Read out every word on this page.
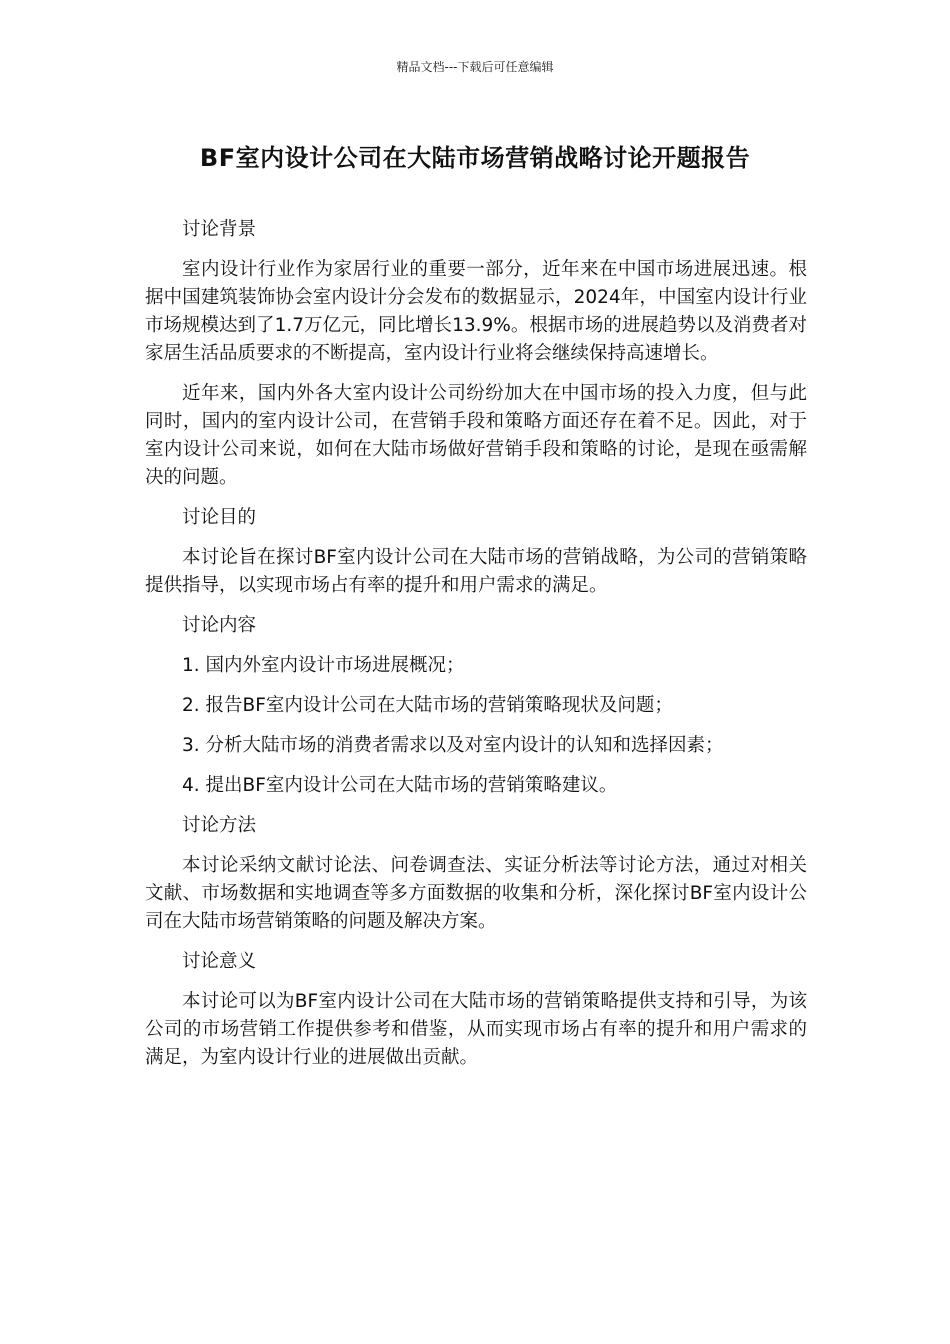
精品文档---下载后可任意编辑
BF室内设计公司在大陆市场营销战略讨论开题报告

讨论背景

室内设计行业作为家居行业的重要一部分，近年来在中国市场进展迅速。根据中国建筑装饰协会室内设计分会发布的数据显示，2024年，中国室内设计行业市场规模达到了1.7万亿元，同比增长13.9%。根据市场的进展趋势以及消费者对家居生活品质要求的不断提高，室内设计行业将会继续保持高速增长。

近年来，国内外各大室内设计公司纷纷加大在中国市场的投入力度，但与此同时，国内的室内设计公司，在营销手段和策略方面还存在着不足。因此，对于室内设计公司来说，如何在大陆市场做好营销手段和策略的讨论，是现在亟需解决的问题。

讨论目的

本讨论旨在探讨BF室内设计公司在大陆市场的营销战略，为公司的营销策略提供指导，以实现市场占有率的提升和用户需求的满足。

讨论内容

1. 国内外室内设计市场进展概况；

2. 报告BF室内设计公司在大陆市场的营销策略现状及问题；

3. 分析大陆市场的消费者需求以及对室内设计的认知和选择因素；

4. 提出BF室内设计公司在大陆市场的营销策略建议。

讨论方法

本讨论采纳文献讨论法、问卷调查法、实证分析法等讨论方法，通过对相关文献、市场数据和实地调查等多方面数据的收集和分析，深化探讨BF室内设计公司在大陆市场营销策略的问题及解决方案。

讨论意义

本讨论可以为BF室内设计公司在大陆市场的营销策略提供支持和引导，为该公司的市场营销工作提供参考和借鉴，从而实现市场占有率的提升和用户需求的满足，为室内设计行业的进展做出贡献。
